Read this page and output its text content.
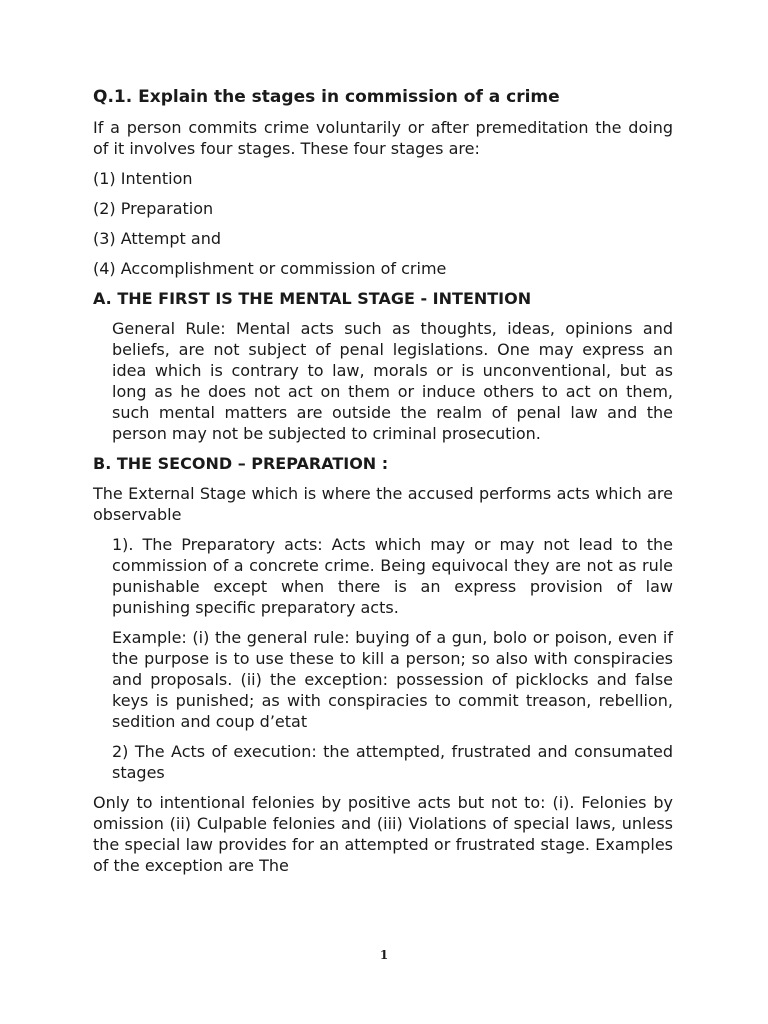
Q.1. Explain the stages in commission of a crime

If a person commits crime voluntarily or after premeditation the doing of it involves four stages. These four stages are:

(1) Intention
(2) Preparation
(3) Attempt and
(4) Accomplishment or commission of crime
A. THE FIRST IS THE MENTAL STAGE - INTENTION

General Rule: Mental acts such as thoughts, ideas, opinions and beliefs, are not subject of penal legislations. One may express an idea which is contrary to law, morals or is unconventional, but as long as he does not act on them or induce others to act on them, such mental matters are outside the realm of penal law and the person may not be subjected to criminal prosecution.

B. THE SECOND – PREPARATION :

The External Stage which is where the accused performs acts which are observable

1). The Preparatory acts: Acts which may or may not lead to the commission of a concrete crime. Being equivocal they are not as rule punishable except when there is an express provision of law punishing specific preparatory acts.

Example: (i) the general rule: buying of a gun, bolo or poison, even if the purpose is to use these to kill a person; so also with conspiracies and proposals. (ii) the exception: possession of picklocks and false keys is punished; as with conspiracies to commit treason, rebellion, sedition and coup d’etat

2) The Acts of execution: the attempted, frustrated and consumated stages

Only to intentional felonies by positive acts but not to: (i). Felonies by omission (ii) Culpable felonies and (iii) Violations of special laws, unless the special law provides for an attempted or frustrated stage. Examples of the exception are The

1
